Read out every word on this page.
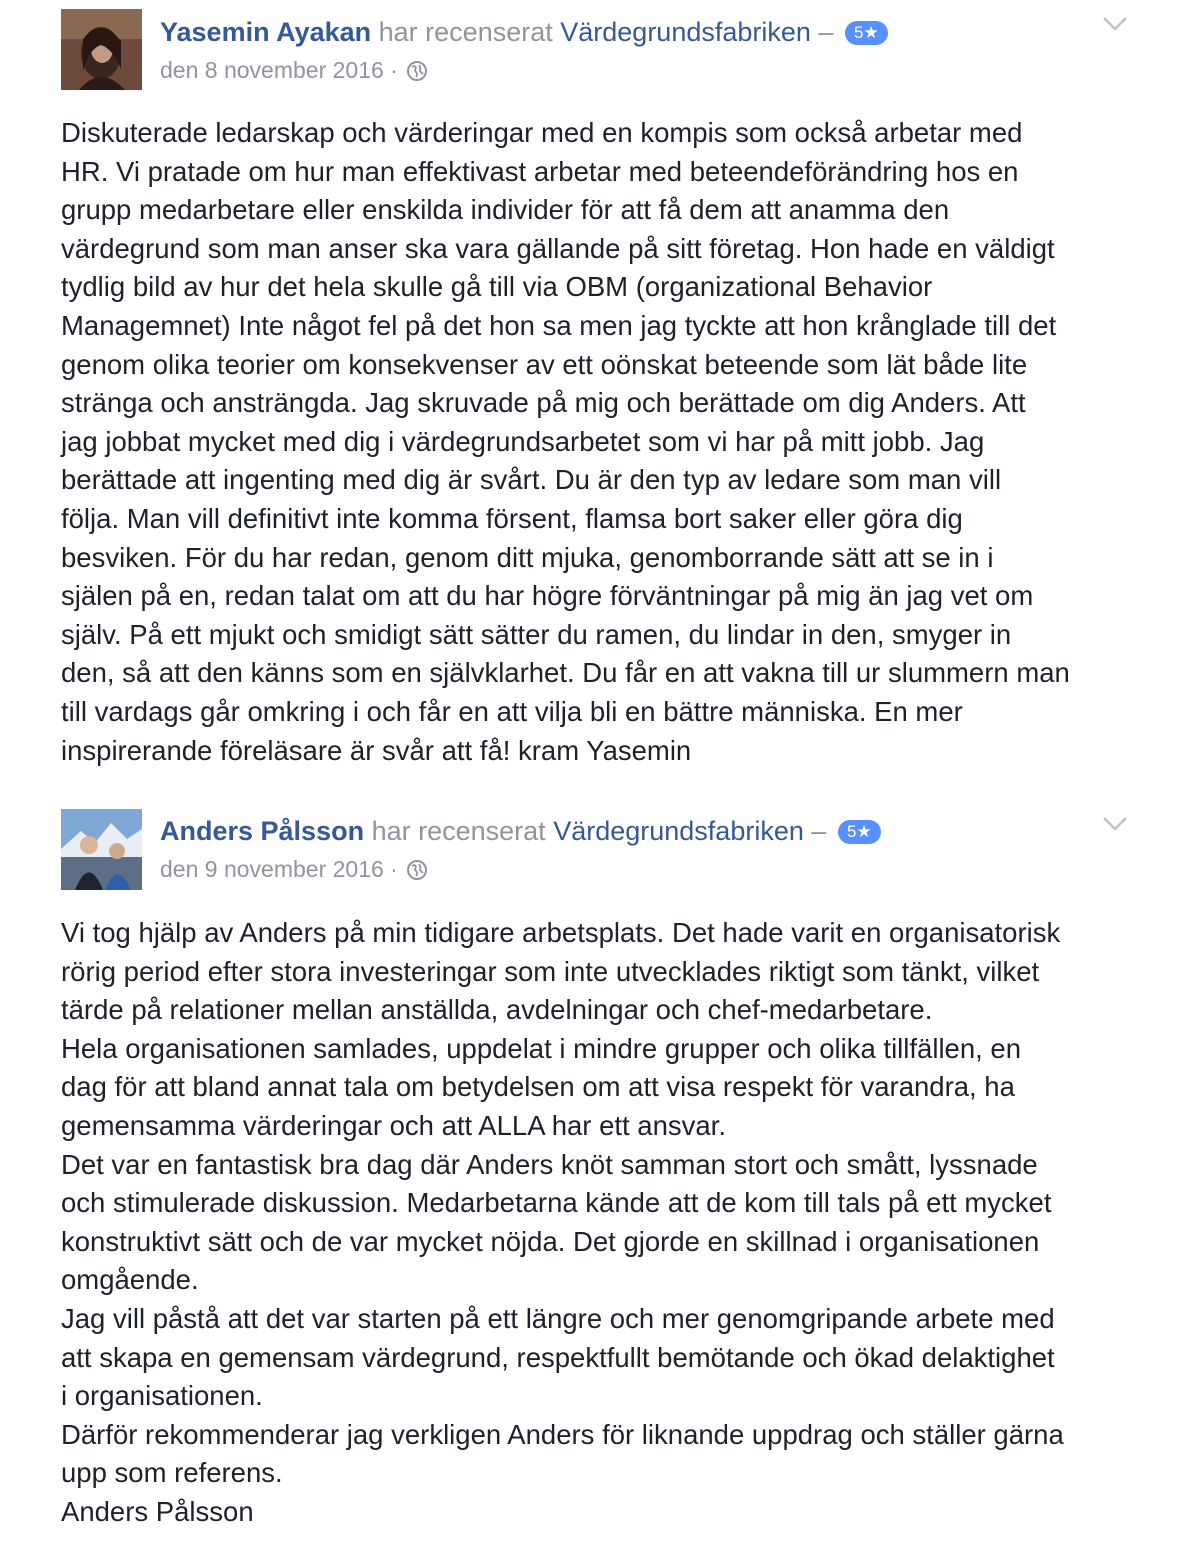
Yasemin Ayakan har recenserat Värdegrundsfabriken – 5★
den 8 november 2016 ·

Diskuterade ledarskap och värderingar med en kompis som också arbetar med

HR. Vi pratade om hur man effektivast arbetar med beteendeförändring hos en

grupp medarbetare eller enskilda individer för att få dem att anamma den

värdegrund som man anser ska vara gällande på sitt företag. Hon hade en väldigt

tydlig bild av hur det hela skulle gå till via OBM (organizational Behavior

Managemnet) Inte något fel på det hon sa men jag tyckte att hon krånglade till det

genom olika teorier om konsekvenser av ett oönskat beteende som lät både lite

stränga och ansträngda. Jag skruvade på mig och berättade om dig Anders. Att

jag jobbat mycket med dig i värdegrundsarbetet som vi har på mitt jobb. Jag

berättade att ingenting med dig är svårt. Du är den typ av ledare som man vill

följa. Man vill definitivt inte komma försent, flamsa bort saker eller göra dig

besviken. För du har redan, genom ditt mjuka, genomborrande sätt att se in i

själen på en, redan talat om att du har högre förväntningar på mig än jag vet om

själv. På ett mjukt och smidigt sätt sätter du ramen, du lindar in den, smyger in

den, så att den känns som en självklarhet. Du får en att vakna till ur slummern man

till vardags går omkring i och får en att vilja bli en bättre människa. En mer

inspirerande föreläsare är svår att få! kram Yasemin

Anders Pålsson har recenserat Värdegrundsfabriken – 5★
den 9 november 2016 ·

Vi tog hjälp av Anders på min tidigare arbetsplats. Det hade varit en organisatorisk

rörig period efter stora investeringar som inte utvecklades riktigt som tänkt, vilket

tärde på relationer mellan anställda, avdelningar och chef-medarbetare.

Hela organisationen samlades, uppdelat i mindre grupper och olika tillfällen, en

dag för att bland annat tala om betydelsen om att visa respekt för varandra, ha

gemensamma värderingar och att ALLA har ett ansvar.

Det var en fantastisk bra dag där Anders knöt samman stort och smått, lyssnade

och stimulerade diskussion. Medarbetarna kände att de kom till tals på ett mycket

konstruktivt sätt och de var mycket nöjda. Det gjorde en skillnad i organisationen

omgående.

Jag vill påstå att det var starten på ett längre och mer genomgripande arbete med

att skapa en gemensam värdegrund, respektfullt bemötande och ökad delaktighet

i organisationen.

Därför rekommenderar jag verkligen Anders för liknande uppdrag och ställer gärna

upp som referens.

Anders Pålsson
